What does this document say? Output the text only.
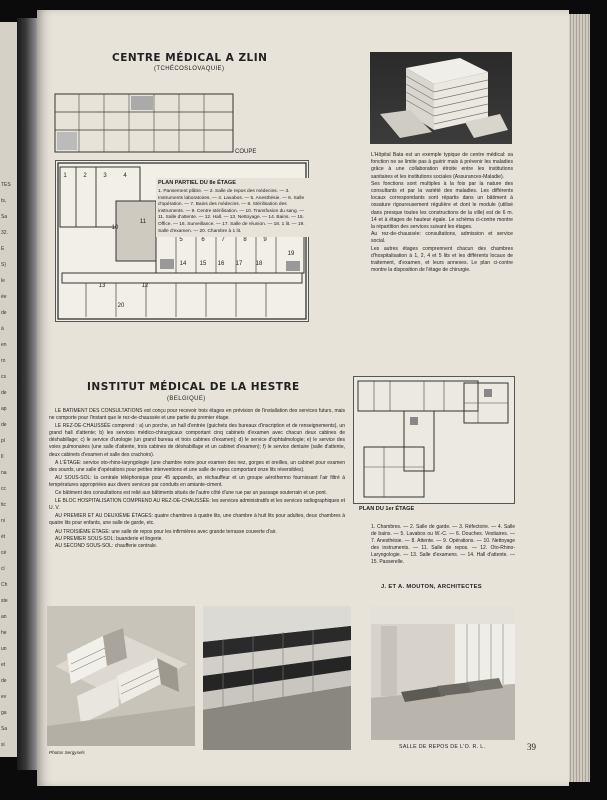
TES
ts,
Sa
32.
E
S)
le
ée
de
à
en
ro
cs
de
ap
de
pl
Il
na
cc
tic
ni
ét
cé
cl
Ch
ste
an
he
un
et
de
ev
ga
Sa
si
CENTRE MÉDICAL A ZLIN
(TCHÉCOSLOVAQUIE)
COUPE
10
11
12
14	15	16	17	18
19
20
1	2	3	4
5	6	7	8	9
13
PLAN PARTIEL DU 8e ÉTAGE
1. Pansement plâtre. — 2. Salle de repos des médecins. — 3. Instruments laboratoires. — 4. Lavabos. — 5. Anesthésie. — 6. Salle d'opération. — 7. Bains des médecins. — 8. Stérilisation des instruments. — 9. Centre stérilisation. — 10. Transfusion du sang. — 11. Salle d'attente. — 12. Hall. — 13. Nettoyage. — 14. Bains. — 15. Office. — 16. Surveillance. — 17. Salle de réunion. — 18. 1 lit. — 19. Salle d'examen. — 20. Chambre à 1 lit.
L'Hôpital Bata est un exemple typique de centre médical: sa fonction ne se limite pas à guérir mais à prévenir les maladies grâce à une collaboration étroite entre les institutions sanitaires et les institutions sociales (Assurances-Maladie).
Ses fonctions sont multiples à la fois par la nature des consultants et par la variété des maladies. Les différents locaux correspondants sont répartis dans un bâtiment à ossature rigoureusement régulière et dont le module (utilisé dans presque toutes les constructions de la ville) est de 6 m. 14 et à étages de hauteur égale. Le schéma ci-contre montre la répartition des services suivant les étages.
Au rez-de-chaussée: consultations, admission et service social.
Les autres étages comprennent chacun des chambres d'hospitalisation à 1, 2, 4 et 5 lits et les différents locaux de traitement, d'examen, et leurs annexes. Le plan ci-contre montre la disposition de l'étage de chirurgie.
INSTITUT MÉDICAL DE LA HESTRE
(BELGIQUE)

LE BATIMENT DES CONSULTATIONS est conçu pour recevoir trois étages en prévision de l'installation des services futurs, mais ne comporte pour l'instant que le rez-de-chaussée et une partie du premier étage.

LE REZ-DE-CHAUSSÉE comprend : a) un porche, un hall d'entrée (guichets des bureaux d'inscription et de renseignements), un grand hall d'attente; b) les services médico-chirurgicaux comportant cinq cabinets d'examen avec chacun deux cabines de déshabillage; c) le service d'urologie (un grand bureau et trois cabines d'examen); d) le service d'ophtalmologie; e) le service des voies pulmonaires (une salle d'attente, trois cabines de déshabillage et un cabinet d'examen); f) le service dentaire (salle d'attente, deux cabinets d'examen et salle des crachoirs).

A L'ÉTAGE: service oto-rhino-laryngologie (une chambre noire pour examen des nez, gorges et oreilles, un cabinet pour examen des sourds, une salle d'opérations pour petites interventions et une salle de repos comportant onze lits réversibles).

AU SOUS-SOL: la centrale téléphonique pour 45 appareils, un réchauffeur et un groupe aérothermo fournissant l'air filtré à températures appropriées aux divers services par conduits en amiante-ciment.

Ce bâtiment des consultations est relié aux bâtiments situés de l'autre côté d'une rue par un passage souterrain et un pont.

LE BLOC HOSPITALISATION COMPREND AU REZ-DE-CHAUSSÉE: les services administratifs et les services radiographiques et U. V.

AU PREMIER ET AU DEUXIÈME ÉTAGES: quatre chambres à quatre lits, une chambre à huit lits pour adultes, deux chambres à quatre lits pour enfants, une salle de garde, etc.

AU TROISIÈME ÉTAGE: une salle de repos pour les infirmières avec grande terrasse couverte d'air.

AU PREMIER SOUS-SOL: buanderie et lingerie.

AU SECOND SOUS-SOL: chaufferie centrale.

PLAN DU 1er ÉTAGE
1. Chambres. — 2. Salle de garde. — 3. Réfectoire. — 4. Salle de bains. — 5. Lavabos ou W.-C. — 6. Douches. Vestiaires. — 7. Anesthésie. — 8. Attente. — 9. Opérations. — 10. Nettoyage des instruments. — 11. Salle de repos. — 12. Oto-Rhino-Laryngologie. — 13. Salle d'examens. — 14. Hall d'attente. — 15. Passerelle.
J. ET A. MOUTON, ARCHITECTES
Photos Sergysels
SALLE DE REPOS DE L'O. R. L.	39
